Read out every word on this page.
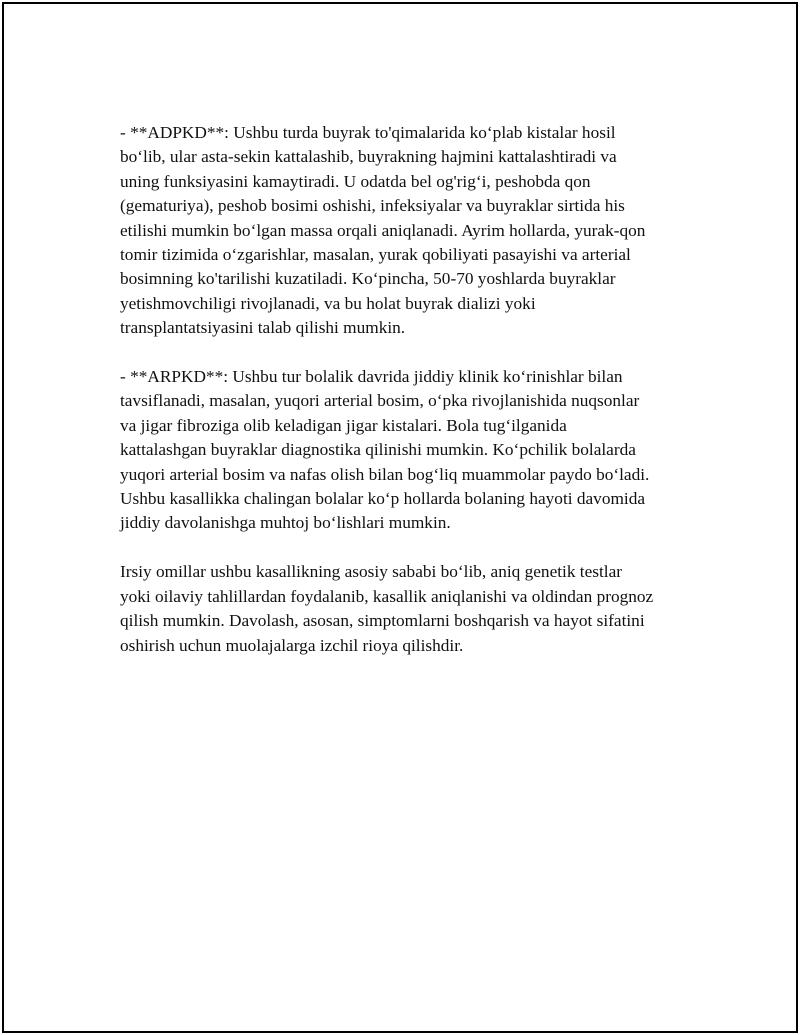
- **ADPKD**: Ushbu turda buyrak to'qimalarida koʻplab kistalar hosil
boʻlib, ular asta-sekin kattalashib, buyrakning hajmini kattalashtiradi va
uning funksiyasini kamaytiradi. U odatda bel og'rigʻi, peshobda qon
(gematuriya), peshob bosimi oshishi, infeksiyalar va buyraklar sirtida his
etilishi mumkin boʻlgan massa orqali aniqlanadi. Ayrim hollarda, yurak-qon
tomir tizimida oʻzgarishlar, masalan, yurak qobiliyati pasayishi va arterial
bosimning ko'tarilishi kuzatiladi. Koʻpincha, 50-70 yoshlarda buyraklar
yetishmovchiligi rivojlanadi, va bu holat buyrak dializi yoki
transplantatsiyasini talab qilishi mumkin.

- **ARPKD**: Ushbu tur bolalik davrida jiddiy klinik koʻrinishlar bilan
tavsiflanadi, masalan, yuqori arterial bosim, oʻpka rivojlanishida nuqsonlar
va jigar fibroziga olib keladigan jigar kistalari. Bola tugʻilganida
kattalashgan buyraklar diagnostika qilinishi mumkin. Koʻpchilik bolalarda
yuqori arterial bosim va nafas olish bilan bogʻliq muammolar paydo boʻladi.
Ushbu kasallikka chalingan bolalar koʻp hollarda bolaning hayoti davomida
jiddiy davolanishga muhtoj boʻlishlari mumkin.

Irsiy omillar ushbu kasallikning asosiy sababi boʻlib, aniq genetik testlar
yoki oilaviy tahlillardan foydalanib, kasallik aniqlanishi va oldindan prognoz
qilish mumkin. Davolash, asosan, simptomlarni boshqarish va hayot sifatini
oshirish uchun muolajalarga izchil rioya qilishdir.
